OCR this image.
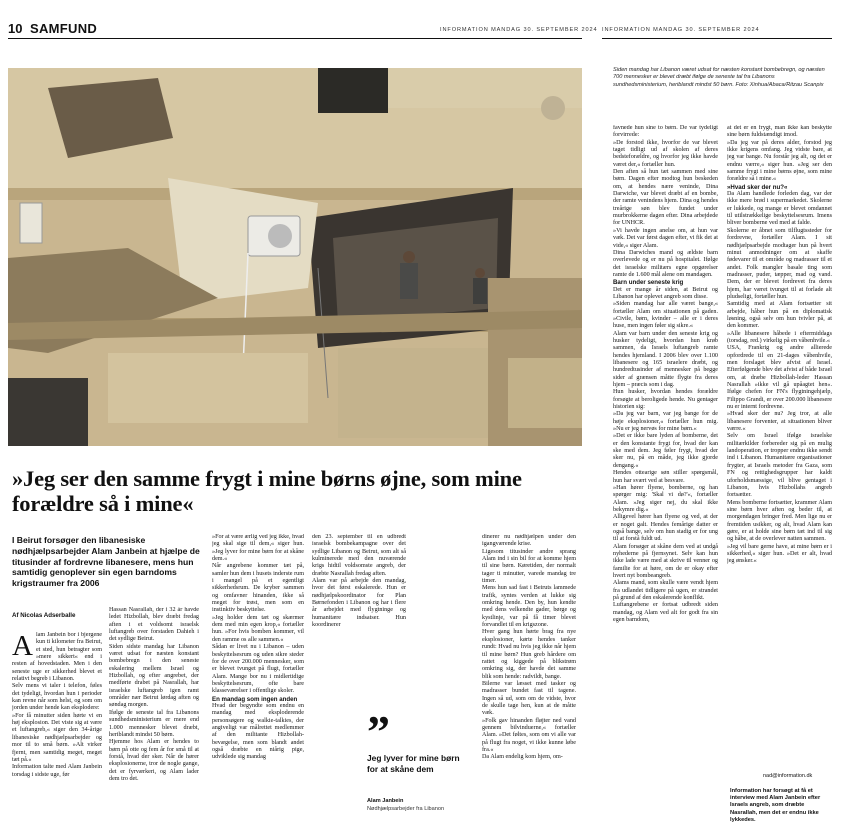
10 SAMFUND	INFORMATION MANDAG 30. SEPTEMBER 2024 INFORMATION MANDAG 30. SEPTEMBER 2024
Siden mandag har Libanon været udsat for næsten konstant bombebregn, og næsten 700 mennesker er blevet dræbt ifølge de seneste tal fra Libanons sundhedsministerium, heriblandt mindst 50 børn. Foto: Xinhua/Abaca/Ritzau Scanpix
»Jeg ser den samme frygt i mine børns øjne, som mine forældre så i mine«
I Beirut forsøger den libanesiske nødhjælpsarbejder Alam Janbein at hjælpe de titusinder af fordrevne libanesere, mens hun samtidig genoplever sin egen barndoms krigstraumer fra 2006
Af Nicolas Adserballe

Alam Janbein bor i bjergene kun ti kilometer fra Beirut, et sted, hun betragter som »mere sikkert« end i resten af hovedstaden. Men i den seneste uge er sikkerhed blevet et relativt begreb i Libanon.

Selv mens vi taler i telefon, føles det tydeligt, hvordan hun i perioder kan revne når som helst, og som om jorden under hende kan eksplodere:

»For få minutter siden hørte vi en høj eksplosion. Det viste sig at være et luftangreb,« siger den 34-årige libanesiske nødhjælpsarbejder og mor til to små børn. »Alt virker fjernt, men samtidig meget, meget tæt på.«

Information talte med Alam Janbein torsdag i sidste uge, før

Hassan Nasrallah, der i 32 år havde ledet Hizbollah, blev dræbt fredag aften i et voldsomt israelsk luftangreb over forstaden Dahieh i det sydlige Beirut.

Siden sidste mandag har Libanon været udsat for næsten konstant bombebregn i den seneste eskalering mellem Israel og Hizbollah, og efter angrebet, der medførte drabet på Nasrallah, har israelske luftangreb igen ramt områder nær Beirut lørdag aften og søndag morgen.

Ifølge de seneste tal fra Libanons sundhedsministerium er mere end 1.000 mennesker blevet dræbt, heriblandt mindst 50 børn.

Hjemme hos Alam er hendes to børn på otte og fem år for små til at forstå, hvad der sker. Når de hører eksplosionerne, tror de nogle gange, det er fyrværkeri, og Alam lader dem tro det.

»For at være ærlig ved jeg ikke, hvad jeg skal sige til dem,« siger hun. »Jeg lyver for mine børn for at skåne dem.«

Når angrebene kommer tæt på, samler hun dem i husets inderste rum i mangel på et egentligt sikkerhedsrum. De kryber sammen og omfavner hinanden, ikke så meget for trøst, men som en instinktiv beskyttelse.

»Jeg holder dem tæt og skærmer dem med min egen krop,« fortæller hun. »For hvis bomben kommer, vil den ramme os alle sammen.«

Sådan er livet nu i Libanon – uden beskyttelsesrum og uden sikre steder for de over 200.000 mennesker, som er blevet tvunget på flugt, fortæller Alam. Mange bor nu i midlertidige beskyttelsesrum, ofte bare klasseværelser i offentlige skoler.

En mandag som ingen anden

Hvad der begyndte som endnu en mandag med eksploderende personsøgere og walkie-talkies, der angiveligt var målrettet medlemmer af den militante Hizbollah-bevægelse, men som blandt andet også dræbte en niårig pige, udviklede sig mandag

den 23. september til en udbredt israelsk bombekampagne over det sydlige Libanon og Beirut, som alt så kulminerede med den nuværende krigs hidtil voldsomste angreb, der dræbte Nasrallah fredag aften.

Alam var på arbejde den mandag, hvor det først eskalerede. Hun er nødhjælpskoordinator for Plan Børnefonden i Libanon og har i flere år arbejdet med flygtninge og humanitære indsatser. Hun koordinerer

”
Jeg lyver for mine børn for at skåne dem
Alam Janbein
Nødhjælpsarbejder fra Libanon

dinerer nu nødhjælpen under den igangværende krise.

Ligesom titusinder andre sprang Alam ind i sin bil for at komme hjem til sine børn. Køretiden, der normalt tager ti minutter, varede mandag tre timer.

Mens hun sad fast i Beiruts lammede trafik, syntes verden at lukke sig omkring hende. Den by, hun kendte med dens velkendte gader, børge og kystlinje, var på få timer blevet forvandlet til en krigszone.

Hver gang hun hørte brag fra nye eksplosioner, kørte hendes tanker rundt: Hvad nu hvis jeg ikke når hjem til mine børn? Hun greb hårdere om rattet og kiggede på blikstrøm omkring sig, der havde det samme blik som hende: radvildt, bange.

Bilerne var læsset med tasker og madrasser bundet fast til tagene. Ingen så ud, som om de vidste, hvor de skulle tage hen, kun at de måtte væk.

»Folk gav hinanden fløjter ned vand gennem bilvinduerne,« fortæller Alam. »Det føltes, som om vi alle var på flugt fra noget, vi ikke kunne løbe fra.«

Da Alam endelig kom hjem, om-

favnede hun sine to børn. De var tydeligt forvirrede:

»De forstod ikke, hvorfor de var blevet taget tidligt ud af skolen af deres bedsteforældre, og hvorfor jeg ikke havde været der,« fortæller hun.

Den aften så hun tæt sammen med sine børn. Dagen efter modtog hun beskeden om, at hendes nære veninde, Dina Darwiche, var blevet dræbt af en bombe, der ramte venindens hjem. Dina og hendes treårige søn blev fundet under murbrokkerne dagen efter. Dina arbejdede for UNHCR.

»Vi havde ingen anelse om, at hun var væk. Det var først dagen efter, vi fik det at vide,« siger Alam.

Dina Darwiches mand og ældste barn overlevede og er nu på hospitalet. Ifølge det israelske militærs egne opgørelser ramte de 1.600 mål alene om mandagen.

Barn under seneste krig

Det er mange år siden, at Beirut og Libanon har oplevet angreb som disse.

»Siden mandag har alle været bange,« fortæller Alam om situationen på gaden. »Civile, børn, kvinder – alle er i deres huse, men ingen føler sig sikre.«

Alam var barn under den seneste krig og husker tydeligt, hvordan hun krøb sammen, da Israels luftangreb ramte hendes hjemland. I 2006 blev over 1.100 libanesere og 165 israelere dræbt, og hundredtusinder af mennesker på begge sider af grænsen måtte flygte fra deres hjem – præcis som i dag.

Hun husker, hvordan hendes forældre forsøgte at beroligede hende. Nu gentager historien sig:

»Da jeg var barn, var jeg bange for de høje eksplosioner,« fortæller hun mig. »Nu er jeg nervøs for mine børn.«

»Det er ikke bare lyden af bomberne, det er den konstante frygt for, hvad der kan ske med dem. Jeg føler frygt, hvad der sker nu, på en måde, jeg ikke gjorde dengang.«

Hendes ottearige søn stiller spørgsmål, hun har svært ved at besvare.

»Han hører flyene, bomberne, og han spørger mig: 'Skal vi dø?'«, fortæller Alam. »Jeg siger nej, du skal ikke bekymre dig.«

Alligevel hører han flyene og ved, at der er noget galt. Hendes femårige datter er også bange, selv om hun stadig er for ung til at forstå fuldt ud.

Alam forsøger at skåne dem ved at undgå nyhederne på fjernsynet. Selv kan hun ikke lade være med at skrive til venner og familie for at høre, om de er okay efter hvert nyt bombeangreb.

Alams mand, som skulle være vendt hjem fra udlandet tidligere på ugen, er strandet på grund af den eskalerende konflikt.

Luftangrebene er fortsat udbredt siden mandag, og Alam ved alt for godt fra sin egen barndom,

at det er en frygt, man ikke kan beskytte sine børn fuldstændigt imod.

»Da jeg var på deres alder, forstod jeg ikke krigens omfang. Jeg vidste bare, at jeg var bange. Nu forstår jeg alt, og det er endnu værre,« siger hun. »Jeg ser den samme frygt i mine børns øjne, som mine forældre så i mine.«

»Hvad sker der nu?«

Da Alam handlede forleden dag, var der ikke mere brød i supermarkedet. Skolerne er lukkede, og mange er blevet omdannet til utilstrækkelige beskyttelsesrum. Imens bliver bomberne ved med at falde.

Skolerne er åbnet som tilflugtssteder for fordrevne, fortæller Alam. I sit nødhjælpsarbejde modtager hun på hvert minut anmodninger om at skaffe fødevarer til et område og madrasser til et andet. Folk mangler basale ting som madrasser, puder, tæpper, mad og vand. Dem, der er blevet fordrevet fra deres hjem, har været tvunget til at forlade alt pludseligt, fortæller hun.

Samtidig med at Alam fortsætter sit arbejde, håber hun på en diplomatisk løsning, også selv om hun tvivler på, at den kommer.

»Alle libanesere håbede i eftermiddags (torsdag, red.) virkelig på en våbenhvile.«

USA, Frankrig og andre allierede opfordrede til en 21-dages våbenhvile, men forslaget blev afvist af Israel. Efterfølgende blev det afvist af både Israel om, at dræbe Hizbollah-leder Hassan Nasrallah »ikke vil gå upåagtet hen«. Ifølge chefen for FN's flygtningehjælp, Filippo Grandi, er over 200.000 libanesere nu er internt fordrevne.

»Hvad sker der nu? Jeg tror, at alle libanesere forventer, at situationen bliver værre.«

Selv om Israel ifølge israelske militærkilder forbereder sig på en mulig landoperation, er tropper endnu ikke sendt ind i Libanon. Humanitære organisationer frygter, at Israels metoder fra Gaza, som FN og rettighedsgrupper har kaldt uforholdsmæssige, vil blive gentaget i Libanon, hvis Hizbollahs angreb fortsætter.

Mens bomberne fortsætter, krammer Alam sine børn hver aften og beder til, at morgendagen bringer fred. Men lige nu er fremtiden usikker, og alt, hvad Alam kan gøre, er at holde sine børn tæt ind til sig og håbe, at de overlever natten sammen.

»Jeg vil bare gerne have, at mine børn er i sikkerhed,« siger hun. »Det er alt, hvad jeg ønsker.«

nad@information.dk
Information har forsøgt at få et interview med Alam Janbein efter Israels angreb, som dræbte Nasrallah, men det er endnu ikke lykkedes.
